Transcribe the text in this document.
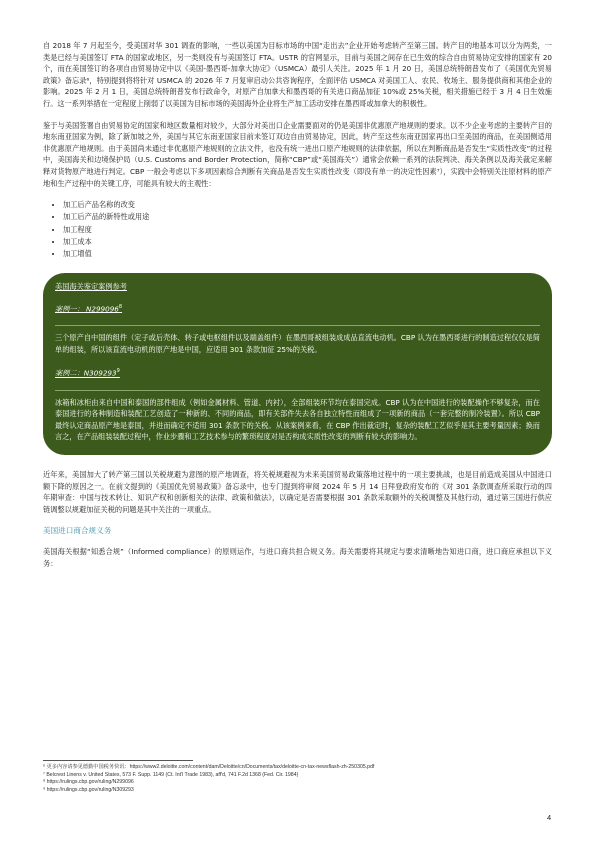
自 2018 年 7 月起至今，受美国对华 301 调查的影响，一些以美国为目标市场的中国“走出去”企业开始考虑转产至第三国。转产目的地基本可以分为两类，一类是已经与美国签订 FTA 的国家或地区，另一类则没有与美国签订 FTA。USTR 的官网显示，目前与美国之间存在已生效的综合自由贸易协定安排的国家有 20 个，而在美国签订的各项自由贸易协定中以《美国-墨西哥-加拿大协定》（USMCA）最引人关注。2025 年 1 月 20 日，美国总统特朗普发布了《美国优先贸易政策》备忘录⁶，特别提到将将针对 USMCA 的 2026 年 7 月复审启动公共咨询程序，全面评估 USMCA 对美国工人、农民、牧场主、服务提供商和其他企业的影响。2025 年 2 月 1 日，美国总统特朗普发布行政命令，对原产自加拿大和墨西哥的有关进口商品加征 10%或 25%关税，相关措施已经于 3 月 4 日生效施行。这一系列举措在一定程度上削弱了以美国为目标市场的美国海外企业将生产加工活动安排在墨西哥或加拿大的积极性。

鉴于与美国签署自由贸易协定的国家和地区数量相对较少，大部分对美出口企业需要面对的仍是美国非优惠原产地规则的要求。以不少企业考虑的主要转产目的地东南亚国家为例，除了新加坡之外，美国与其它东南亚国家目前未签订双边自由贸易协定，因此，转产至这些东南亚国家再出口至美国的商品，在美国侧适用非优惠原产地规则。由于美国尚未通过非优惠原产地规则的立法文件，也没有统一进出口原产地规则的法律依据，所以在判断商品是否发生“实质性改变”的过程中，美国海关和边境保护局（U.S. Customs and Border Protection，简称“CBP”或“美国海关”）通常会依赖一系列的法院判决、海关条例以及海关裁定来解释对货物原产地进行判定。CBP 一般会考虑以下多项因素综合判断有关商品是否发生实质性改变（即没有单一的决定性因素⁷），实践中会特别关注原材料的原产地和生产过程中的关键工序，可能具有较大的主观性：

• 加工后产品名称的改变
• 加工后产品的新特性或用途
• 加工程度
• 加工成本
• 加工增值
美国海关鉴定案例参考
案例一： N299096$^8$
三个原产自中国的组件（定子或后壳体、转子或电枢组件以及端盖组件）在墨西哥被组装成成品直流电动机。CBP 认为在墨西哥进行的制造过程仅仅是简单的组装，所以该直流电动机的原产地是中国，应适用 301 条款加征 25%的关税。
案例二：N309293$^9$
冰箱和冰柜由来自中国和泰国的部件组成（例如金属材料、管道、内衬），全部组装环节均在泰国完成。CBP 认为在中国进行的装配操作不够复杂，而在泰国进行的各种制造和装配工艺创造了一种新的、不同的商品，即有关部件失去各自独立特性而组成了一项新的商品（一套完整的制冷装置）。所以 CBP 最终认定商品原产地是泰国，并进而确定不适用 301 条款下的关税。从该案例来看，在 CBP 作出裁定时，复杂的装配工艺似乎是其主要考量因素；换而言之，在产品组装装配过程中，作业步骤和工艺技术参与的繁琐程度对是否构成实质性改变的判断有较大的影响力。

近年来，美国加大了转产第三国以关税规避为意图的原产地调查，将关税规避视为未来美国贸易政策落地过程中的一项主要挑战，也是目前造成美国从中国进口额下降的原因之一。在前文提到的《美国优先贸易政策》备忘录中，也专门提到将审阅 2024 年 5 月 14 日拜登政府发布的《对 301 条款调查所采取行动的四年期审查：中国与技术转让、知识产权和创新相关的法律、政策和做法》，以确定是否需要根据 301 条款采取额外的关税调整及其他行动，通过第三国进行供应链调整以规避加征关税的问题是其中关注的一项重点。

美国进口商合规义务

美国海关根据“知悉合规”（Informed compliance）的原则运作，与进口商共担合规义务。海关需要将其规定与要求清晰地告知进口商，进口商应承担以下义务：

⁶ 更多内容请参见德勤中国税务快讯：https://www2.deloitte.com/content/dam/Deloitte/cn/Documents/tax/deloitte-cn-tax-newsflash-zh-250305.pdf
⁷ Belcrest Linens v. United States, 573 F. Supp. 1149 (Ct. Int'l Trade 1983), aff'd, 741 F.2d 1368 (Fed. Cir. 1984)
⁸ https://rulings.cbp.gov/ruling/N299096
⁹ https://rulings.cbp.gov/ruling/N309293
4
